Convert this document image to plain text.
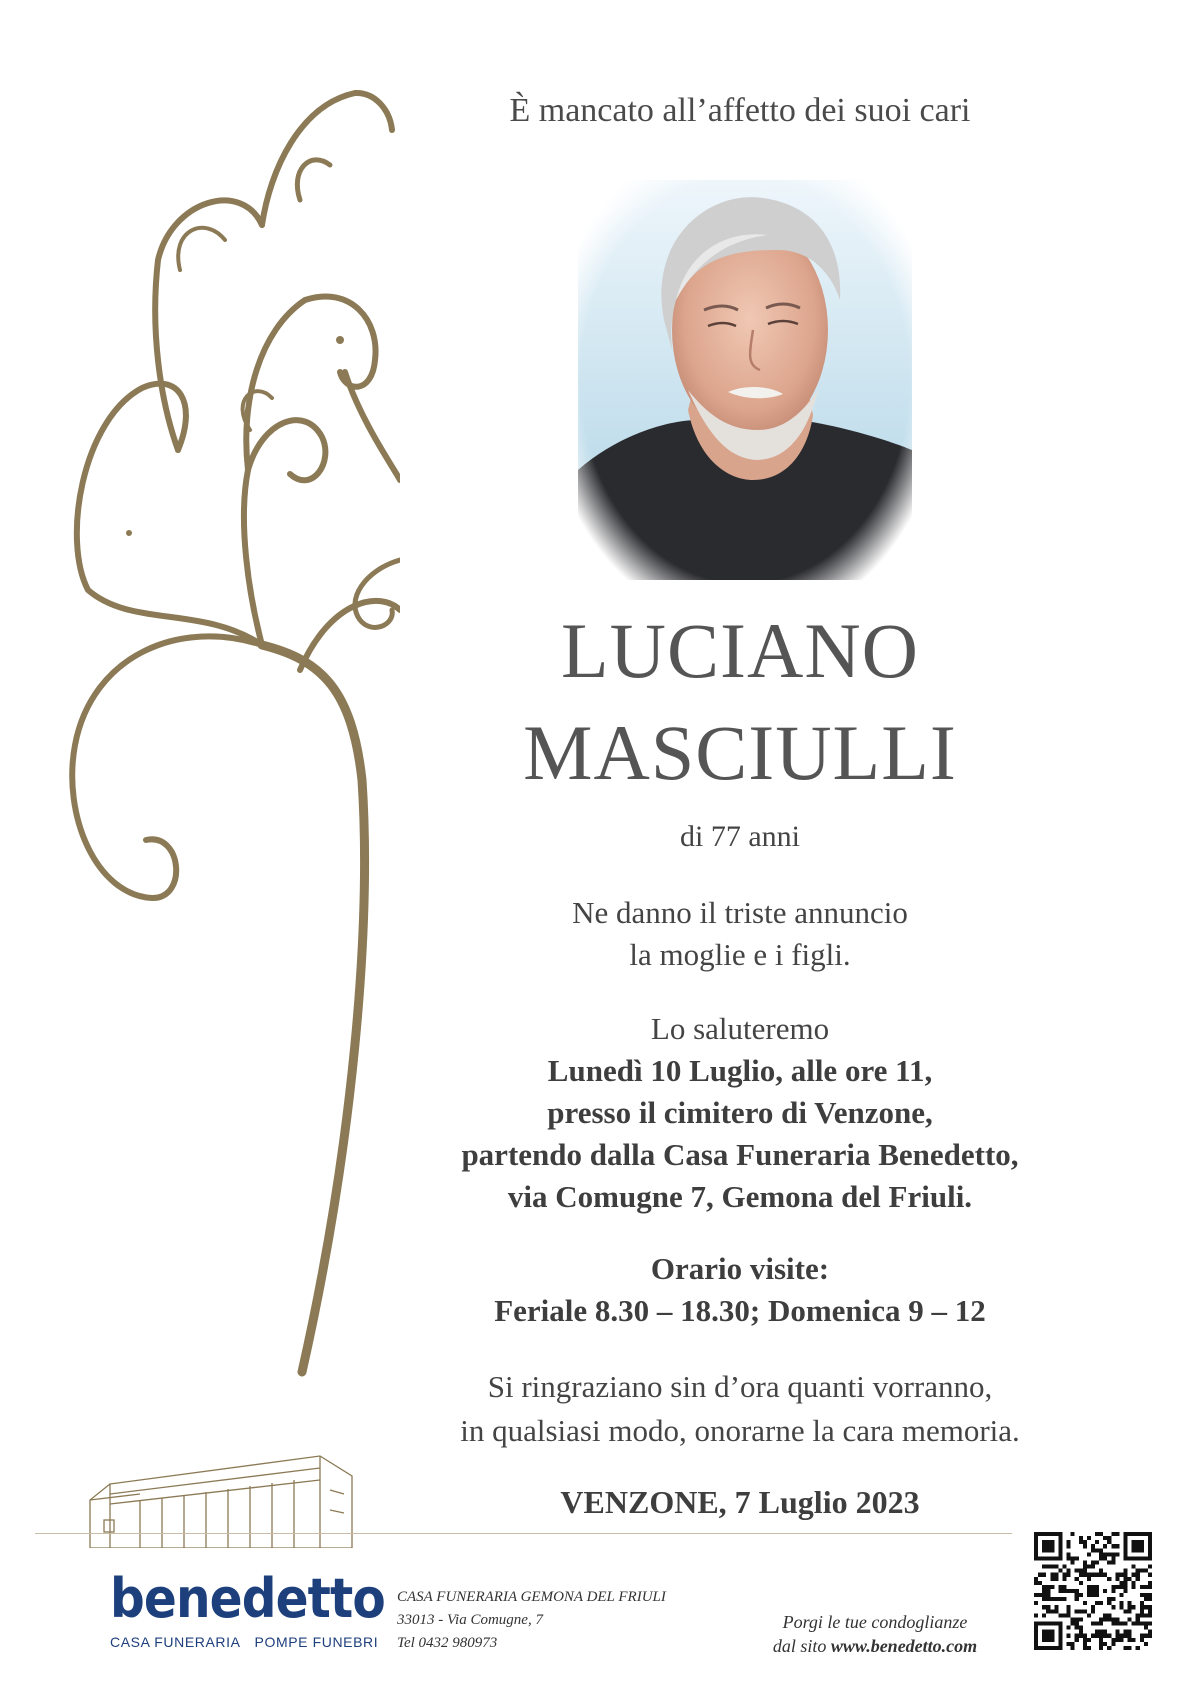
È mancato all’affetto dei suoi cari
LUCIANO
MASCIULLI
di 77 anni
Ne danno il triste annuncio
la moglie e i figli.
Lo saluteremo
Lunedì 10 Luglio, alle ore 11,
presso il cimitero di Venzone,
partendo dalla Casa Funeraria Benedetto,
via Comugne 7, Gemona del Friuli.
Orario visite:
Feriale 8.30 – 18.30; Domenica 9 – 12
Si ringraziano sin d’ora quanti vorranno,
in qualsiasi modo, onorarne la cara memoria.
VENZONE, 7 Luglio 2023
benedetto
CASA FUNERARIA POMPE FUNEBRI
CASA FUNERARIA GEMONA DEL FRIULI
33013 - Via Comugne, 7
Tel 0432 980973
Porgi le tue condoglianze
dal sito www.benedetto.com
